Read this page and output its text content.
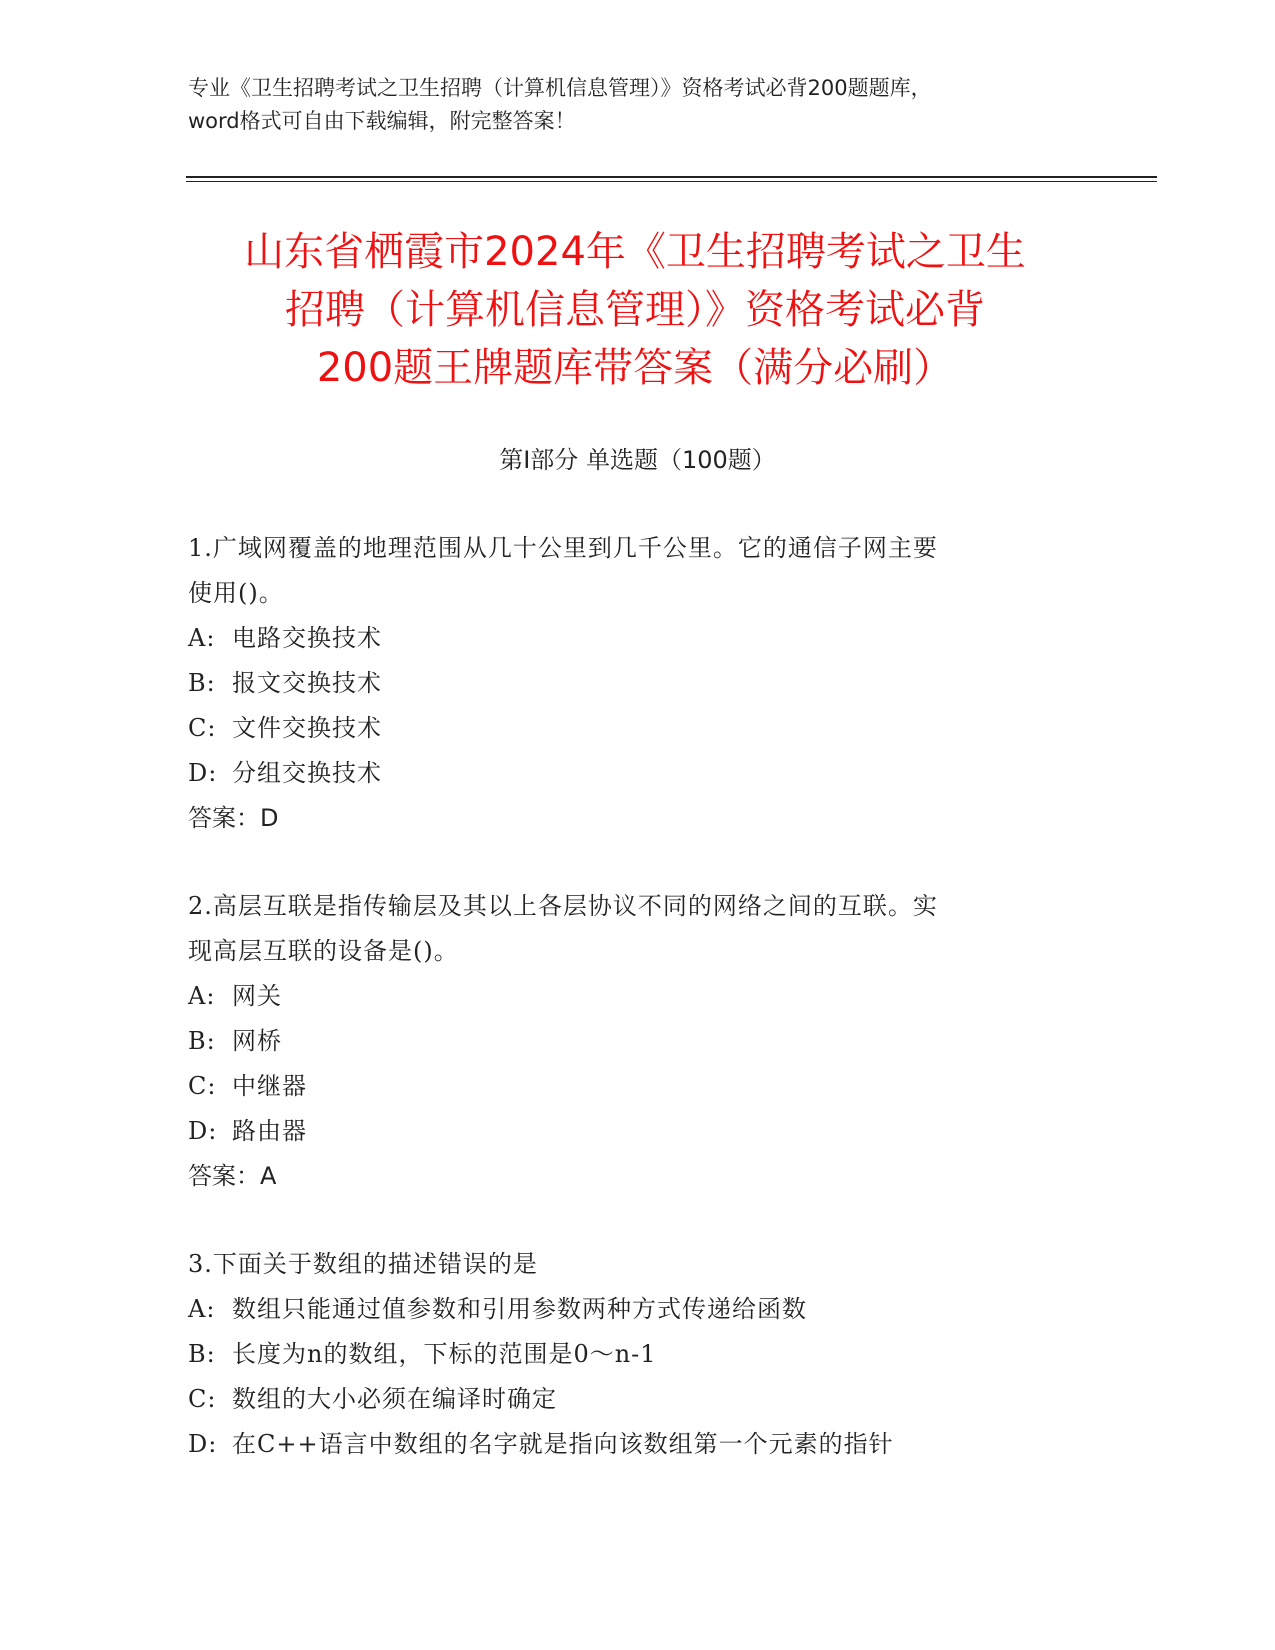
专业《卫生招聘考试之卫生招聘（计算机信息管理）》资格考试必背200题题库，
word格式可自由下载编辑，附完整答案！
山东省栖霞市2024年《卫生招聘考试之卫生
招聘（计算机信息管理）》资格考试必背
200题王牌题库带答案（满分必刷）
第Ⅰ部分 单选题（100题）

1.广域网覆盖的地理范围从几十公里到几千公里。它的通信子网主要

使用()。

A: 电路交换技术

B: 报文交换技术

C: 文件交换技术

D: 分组交换技术

答案：D

2.高层互联是指传输层及其以上各层协议不同的网络之间的互联。实

现高层互联的设备是()。

A: 网关

B: 网桥

C: 中继器

D: 路由器

答案：A

3.下面关于数组的描述错误的是

A: 数组只能通过值参数和引用参数两种方式传递给函数

B: 长度为n的数组，下标的范围是0～n-1

C: 数组的大小必须在编译时确定

D: 在C++语言中数组的名字就是指向该数组第一个元素的指针
